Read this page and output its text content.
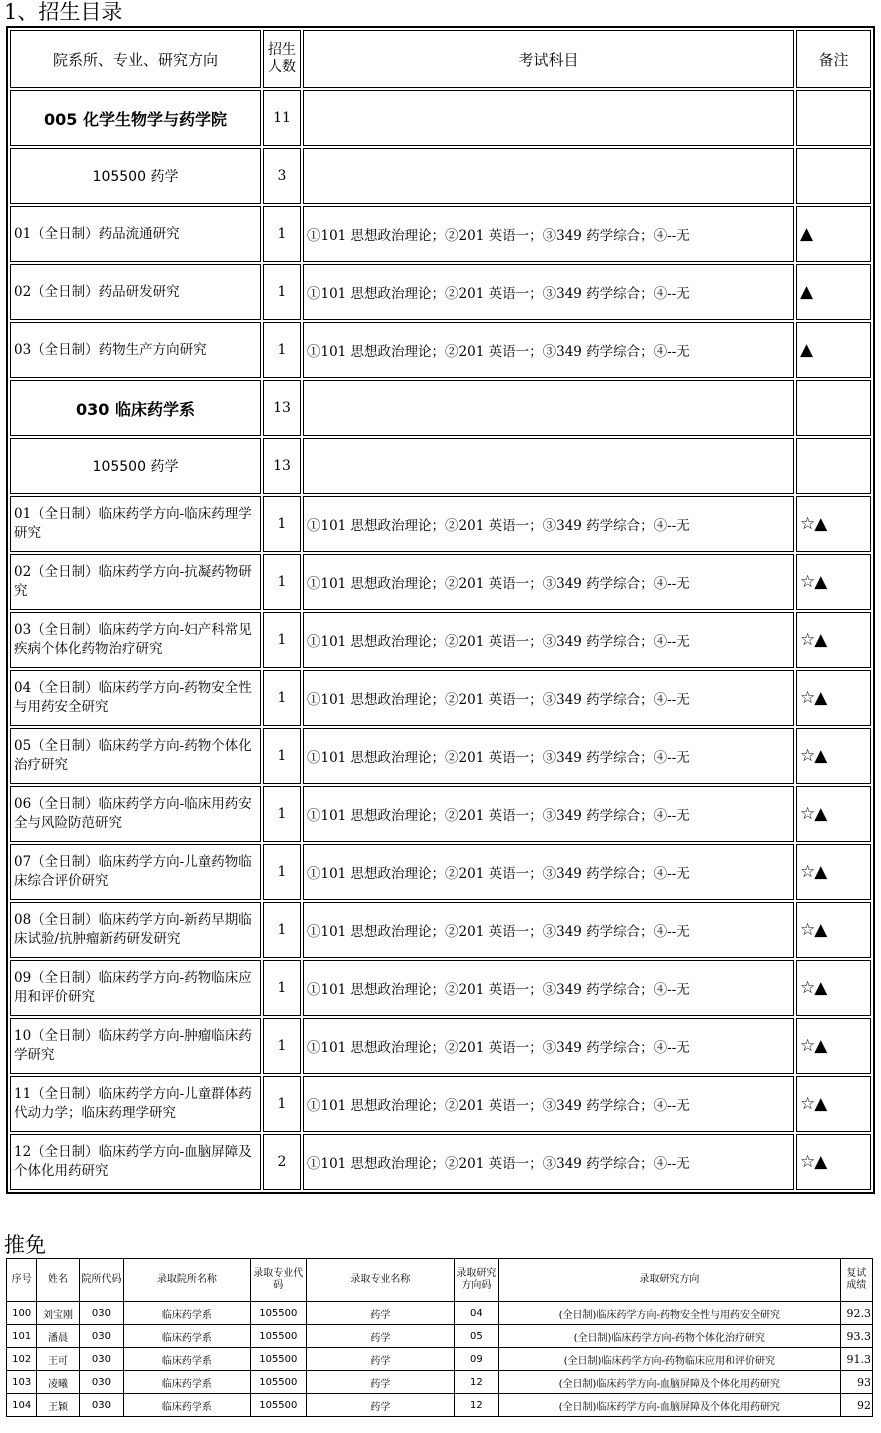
1、招生目录
院系所、专业、研究方向	招生人数	考试科目	备注
005 化学生物学与药学院	11		
105500 药学	3		
01（全日制）药品流通研究	1	①101 思想政治理论；②201 英语一；③349 药学综合；④--无	▲
02（全日制）药品研发研究	1	①101 思想政治理论；②201 英语一；③349 药学综合；④--无	▲
03（全日制）药物生产方向研究	1	①101 思想政治理论；②201 英语一；③349 药学综合；④--无	▲
030 临床药学系	13		
105500 药学	13		
01（全日制）临床药学方向-临床药理学研究	1	①101 思想政治理论；②201 英语一；③349 药学综合；④--无	☆▲
02（全日制）临床药学方向-抗凝药物研究	1	①101 思想政治理论；②201 英语一；③349 药学综合；④--无	☆▲
03（全日制）临床药学方向-妇产科常见疾病个体化药物治疗研究	1	①101 思想政治理论；②201 英语一；③349 药学综合；④--无	☆▲
04（全日制）临床药学方向-药物安全性与用药安全研究	1	①101 思想政治理论；②201 英语一；③349 药学综合；④--无	☆▲
05（全日制）临床药学方向-药物个体化治疗研究	1	①101 思想政治理论；②201 英语一；③349 药学综合；④--无	☆▲
06（全日制）临床药学方向-临床用药安全与风险防范研究	1	①101 思想政治理论；②201 英语一；③349 药学综合；④--无	☆▲
07（全日制）临床药学方向-儿童药物临床综合评价研究	1	①101 思想政治理论；②201 英语一；③349 药学综合；④--无	☆▲
08（全日制）临床药学方向-新药早期临床试验/抗肿瘤新药研发研究	1	①101 思想政治理论；②201 英语一；③349 药学综合；④--无	☆▲
09（全日制）临床药学方向-药物临床应用和评价研究	1	①101 思想政治理论；②201 英语一；③349 药学综合；④--无	☆▲
10（全日制）临床药学方向-肿瘤临床药学研究	1	①101 思想政治理论；②201 英语一；③349 药学综合；④--无	☆▲
11（全日制）临床药学方向-儿童群体药代动力学；临床药理学研究	1	①101 思想政治理论；②201 英语一；③349 药学综合；④--无	☆▲
12（全日制）临床药学方向-血脑屏障及个体化用药研究	2	①101 思想政治理论；②201 英语一；③349 药学综合；④--无	☆▲
推免
序号	姓名	院所代码	录取院所名称	录取专业代码	录取专业名称	录取研究方向码	录取研究方向	复试成绩
100	刘宝刚	030	临床药学系	105500	药学	04	(全日制)临床药学方向-药物安全性与用药安全研究	92.3
101	潘晨	030	临床药学系	105500	药学	05	(全日制)临床药学方向-药物个体化治疗研究	93.3
102	王可	030	临床药学系	105500	药学	09	(全日制)临床药学方向-药物临床应用和评价研究	91.3
103	凌曦	030	临床药学系	105500	药学	12	(全日制)临床药学方向-血脑屏障及个体化用药研究	93
104	王颖	030	临床药学系	105500	药学	12	(全日制)临床药学方向-血脑屏障及个体化用药研究	92
